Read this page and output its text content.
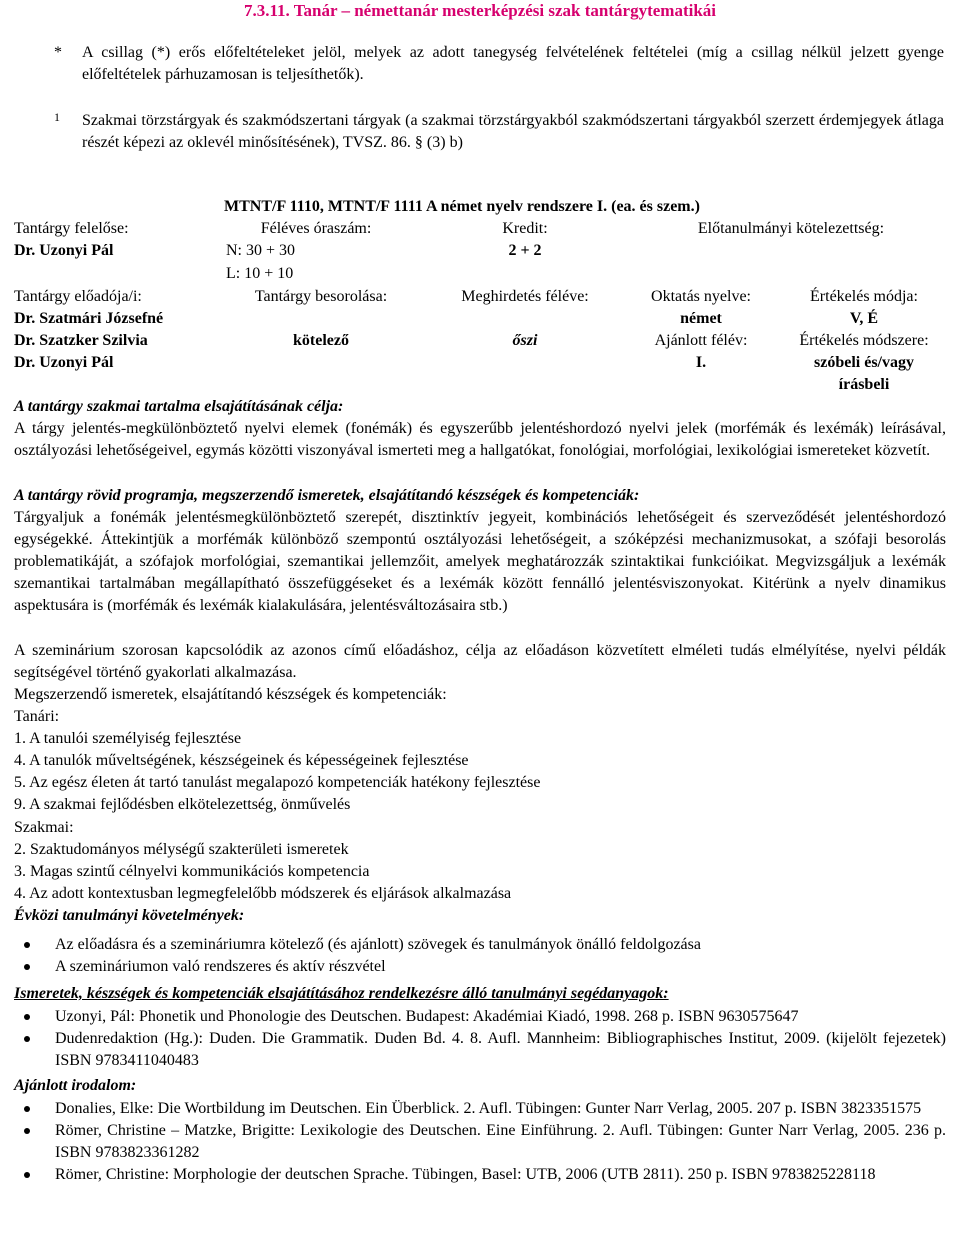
7.3.11. Tanár – némettanár mesterképzési szak tantárgytematikái
*	A csillag (*) erős előfeltételeket jelöl, melyek az adott tanegység felvételének feltételei (míg a csillag nélkül jelzett gyenge előfeltételek párhuzamosan is teljesíthetők).
1	Szakmai törzstárgyak és szakmódszertani tárgyak (a szakmai törzstárgyakból szakmódszertani tárgyakból szerzett érdemjegyek átlaga részét képezi az oklevél minősítésének), TVSZ. 86. § (3) b)
MTNT/F 1110, MTNT/F 1111 A német nyelv rendszere I. (ea. és szem.)
Tantárgy felelőse:
Dr. Uzonyi Pál
Féléves óraszám:
N: 30 + 30
L: 10 + 10
Kredit:
2 + 2
Előtanulmányi kötelezettség:
Tantárgy előadója/i:
Dr. Szatmári Józsefné
Dr. Szatzker Szilvia
Dr. Uzonyi Pál
Tantárgy besorolása:
kötelező
Meghirdetés féléve:
őszi
Oktatás nyelve:
német
Ajánlott félév:
I.
Értékelés módja:
V, É
Értékelés módszere:
szóbeli és/vagy
írásbeli
A tantárgy szakmai tartalma elsajátításának célja:
A tárgy jelentés-megkülönböztető nyelvi elemek (fonémák) és egyszerűbb jelentéshordozó nyelvi jelek (morfémák és lexémák) leírásával, osztályozási lehetőségeivel, egymás közötti viszonyával ismerteti meg a hallgatókat, fonológiai, morfológiai, lexikológiai ismereteket közvetít.
A tantárgy rövid programja, megszerzendő ismeretek, elsajátítandó készségek és kompetenciák:
Tárgyaljuk a fonémák jelentésmegkülönböztető szerepét, disztinktív jegyeit, kombinációs lehetőségeit és szerveződését jelentéshordozó egységekké. Áttekintjük a morfémák különböző szempontú osztályozási lehetőségeit, a szóképzési mechanizmusokat, a szófaji besorolás problematikáját, a szófajok morfológiai, szemantikai jellemzőit, amelyek meghatározzák szintaktikai funkcióikat. Megvizsgáljuk a lexémák szemantikai tartalmában megállapítható összefüggéseket és a lexémák között fennálló jelentésviszonyokat. Kitérünk a nyelv dinamikus aspektusára is (morfémák és lexémák kialakulására, jelentésváltozásaira stb.)
A szeminárium szorosan kapcsolódik az azonos című előadáshoz, célja az előadáson közvetített elméleti tudás elmélyítése, nyelvi példák segítségével történő gyakorlati alkalmazása.
Megszerzendő ismeretek, elsajátítandó készségek és kompetenciák:
Tanári:
1. A tanulói személyiség fejlesztése
4. A tanulók műveltségének, készségeinek és képességeinek fejlesztése
5. Az egész életen át tartó tanulást megalapozó kompetenciák hatékony fejlesztése
9. A szakmai fejlődésben elkötelezettség, önművelés
Szakmai:
2. Szaktudományos mélységű szakterületi ismeretek
3. Magas szintű célnyelvi kommunikációs kompetencia
4. Az adott kontextusban legmegfelelőbb módszerek és eljárások alkalmazása
Évközi tanulmányi követelmények:
Az előadásra és a szemináriumra kötelező (és ajánlott) szövegek és tanulmányok önálló feldolgozása
A szemináriumon való rendszeres és aktív részvétel
Ismeretek, készségek és kompetenciák elsajátításához rendelkezésre álló tanulmányi segédanyagok:
Uzonyi, Pál: Phonetik und Phonologie des Deutschen. Budapest: Akadémiai Kiadó, 1998. 268 p. ISBN 9630575647
Dudenredaktion (Hg.): Duden. Die Grammatik. Duden Bd. 4. 8. Aufl. Mannheim: Bibliographisches Institut, 2009. (kijelölt fejezetek) ISBN 9783411040483
Ajánlott irodalom:
Donalies, Elke: Die Wortbildung im Deutschen. Ein Überblick. 2. Aufl. Tübingen: Gunter Narr Verlag, 2005. 207 p. ISBN 3823351575
Römer, Christine – Matzke, Brigitte: Lexikologie des Deutschen. Eine Einführung. 2. Aufl. Tübingen: Gunter Narr Verlag, 2005. 236 p. ISBN 9783823361282
Römer, Christine: Morphologie der deutschen Sprache. Tübingen, Basel: UTB, 2006 (UTB 2811). 250 p. ISBN 9783825228118
